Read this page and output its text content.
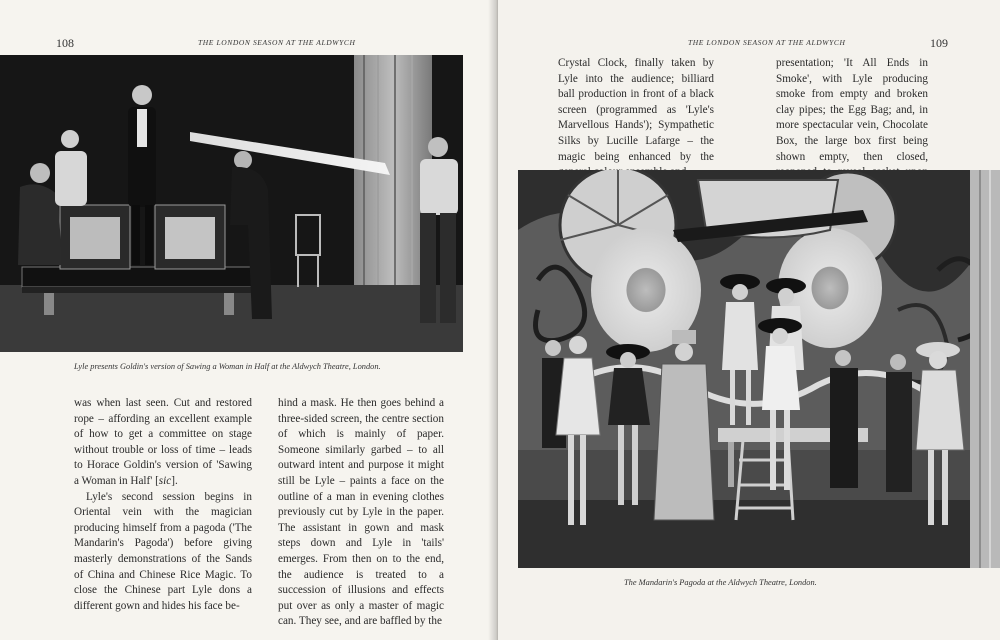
108	THE LONDON SEASON AT THE ALDWYCH
Lyle presents Goldin's version of Sawing a Woman in Half at the Aldwych Theatre, London.

was when last seen. Cut and restored rope – affording an excellent example of how to get a committee on stage without trouble or loss of time – leads to Horace Goldin's version of 'Sawing a Woman in Half' [sic].

Lyle's second session begins in Oriental vein with the magician producing himself from a pagoda ('The Mandarin's Pagoda') before giving masterly demonstrations of the Sands of China and Chinese Rice Magic. To close the Chinese part Lyle dons a different gown and hides his face be-

hind a mask. He then goes behind a three-sided screen, the centre section of which is mainly of paper. Someone similarly garbed – to all outward intent and purpose it might still be Lyle – paints a face on the outline of a man in evening clothes previously cut by Lyle in the paper. The assistant in gown and mask steps down and Lyle in 'tails' emerges. From then on to the end, the audience is treated to a succession of illusions and effects put over as only a master of magic can. They see, and are baffled by the

THE LONDON SEASON AT THE ALDWYCH	109

Crystal Clock, finally taken by Lyle into the audience; billiard ball production in front of a black screen (programmed as 'Lyle's Marvellous Hands'); Sympathetic Silks by Lucille Lafarge – the magic being enhanced by the

presentation; 'It All Ends in Smoke', with Lyle producing smoke from empty and broken clay pipes; the Egg Bag; and, in more spectacular vein, Chocolate Box, the large box first being shown empty, then closed,

The Mandarin's Pagoda at the Aldwych Theatre, London.
